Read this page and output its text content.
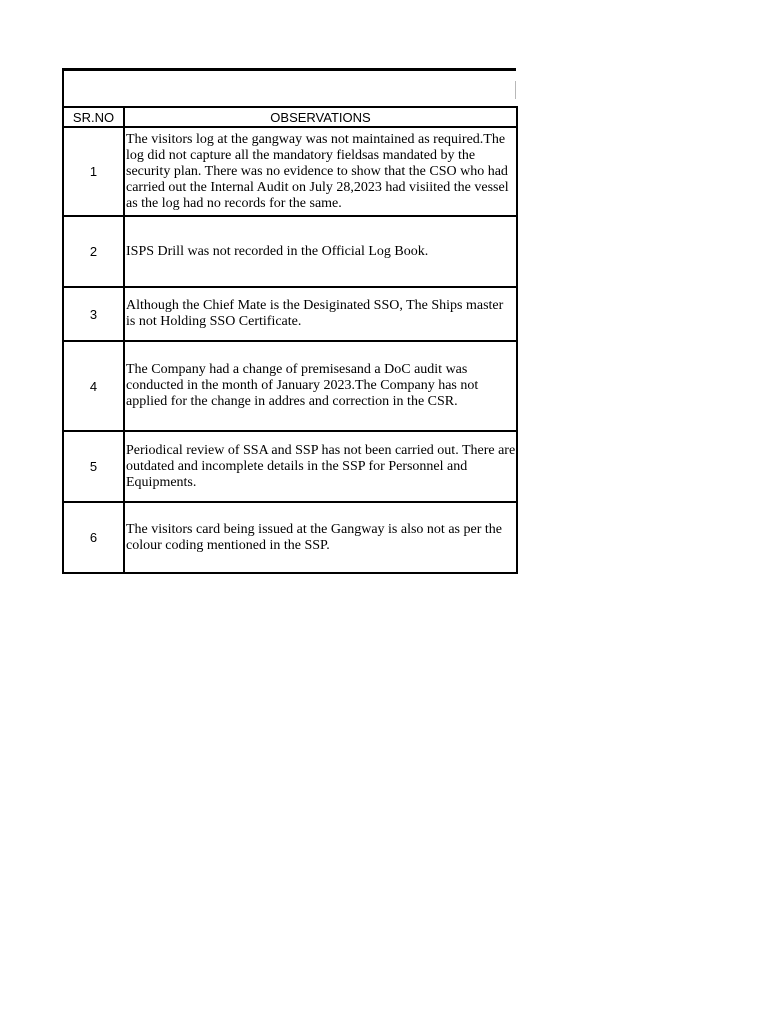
SR.NO	OBSERVATIONS
1	The visitors log at the gangway was not maintained as required.The log did not capture all the mandatory fieldsas mandated by the security plan. There was no evidence to show that the CSO who had carried out the Internal Audit on July 28,2023 had visiited the vessel as the log had no records for the same.
2	ISPS Drill was not recorded in the Official Log Book.
3	Although the Chief Mate is the Desiginated SSO, The Ships master is not Holding SSO Certificate.
4	The Company had a change of premisesand a DoC audit was conducted in the month of January 2023.The Company has not applied for the change in addres and correction in the CSR.
5	Periodical review of SSA and SSP has not been carried out. There are outdated and incomplete details in the SSP for Personnel and Equipments.
6	The visitors card being issued at the Gangway is also not as per the colour coding mentioned in the SSP.
